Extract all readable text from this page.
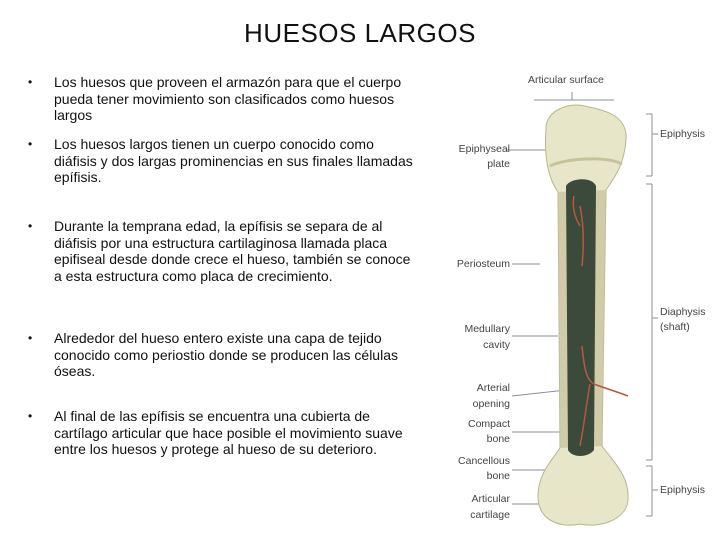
HUESOS LARGOS
• Los huesos que proveen el armazón para que el cuerpo pueda tener movimiento son clasificados como huesos largos
• Los huesos largos tienen un cuerpo conocido como diáfisis y dos largas prominencias en sus finales llamadas epífisis.
• Durante la temprana edad, la epífisis se separa de al diáfisis por una estructura cartilaginosa llamada placa epifiseal desde donde crece el hueso, también se conoce a esta estructura como placa de crecimiento.
• Alrededor del hueso entero existe una capa de tejido conocido como periostio donde se producen las células óseas.
• Al final de las epífisis se encuentra una cubierta de cartílago articular que hace posible el movimiento suave entre los huesos y protege al hueso de su deterioro.
Articular surface
Epiphyseal
plate
Periosteum
Medullary
cavity
Arterial
opening
Compact
bone
Cancellous
bone
Articular
cartilage
Epiphysis
Diaphysis
(shaft)
Epiphysis
